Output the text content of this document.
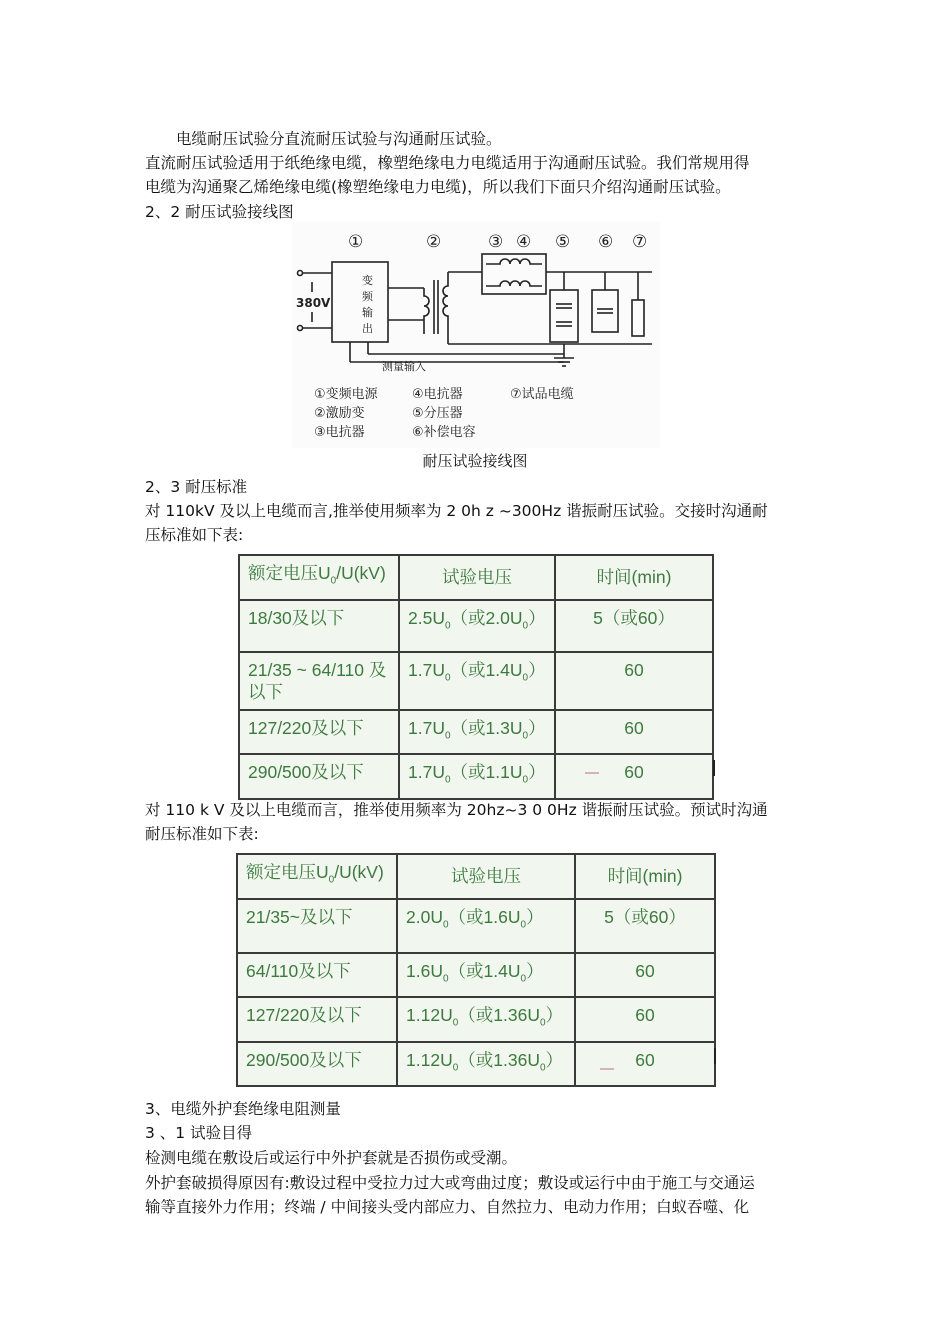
电缆耐压试验分直流耐压试验与沟通耐压试验。
直流耐压试验适用于纸绝缘电缆，橡塑绝缘电力电缆适用于沟通耐压试验。我们常规用得
电缆为沟通聚乙烯绝缘电缆(橡塑绝缘电力电缆)，所以我们下面只介绍沟通耐压试验。
2、2 耐压试验接线图
①	②	③ ④ ⑤ ⑥ ⑦
380V
变
频
输
出
测量输入
①变频电源
②激励变
③电抗器
④电抗器
⑤分压器
⑥补偿电容
⑦试品电缆
耐压试验接线图
2、3 耐压标准
对 110kV 及以上电缆而言,推举使用频率为 2 0h z ~300Hz 谐振耐压试验。交接时沟通耐
压标准如下表:
额定电压$U_0/U(kV)$	试验电压	时间(min)
18/30及以下	$2.5U_0$（或$2.0U_0$）	5（或60）
21/35 ~ 64/110 及以下	$1.7U_0$（或$1.4U_0$）	60
127/220及以下	$1.7U_0$（或$1.3U_0$）	60
290/500及以下	$1.7U_0$（或$1.1U_0$）	60
对 110 k V 及以上电缆而言，推举使用频率为 20hz~3 0 0Hz 谐振耐压试验。预试时沟通
耐压标准如下表:
额定电压$U_0/U(kV)$	试验电压	时间(min)
21/35~及以下	$2.0U_0$（或$1.6U_0$）	5（或60）
64/110及以下	$1.6U_0$（或$1.4U_0$）	60
127/220及以下	$1.12U_0$（或$1.36U_0$）	60
290/500及以下	$1.12U_0$（或$1.36U_0$）	60
3、电缆外护套绝缘电阻测量
3 、1 试验目得
检测电缆在敷设后或运行中外护套就是否损伤或受潮。
外护套破损得原因有:敷设过程中受拉力过大或弯曲过度；敷设或运行中由于施工与交通运
输等直接外力作用；终端 / 中间接头受内部应力、自然拉力、电动力作用；白蚁吞噬、化
